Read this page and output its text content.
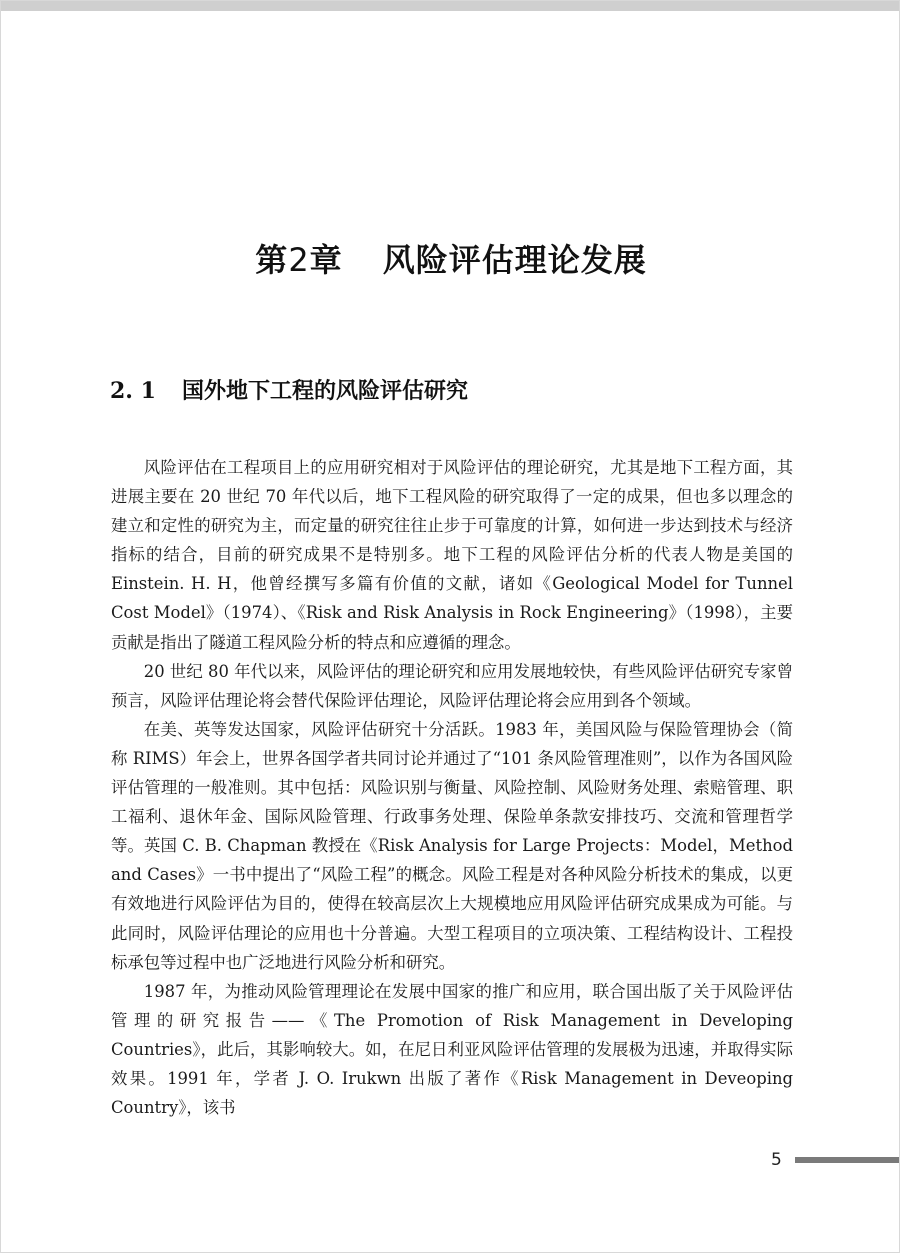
第2章 风险评估理论发展
2. 1 国外地下工程的风险评估研究

风险评估在工程项目上的应用研究相对于风险评估的理论研究，尤其是地下工程方面，其进展主要在 20 世纪 70 年代以后，地下工程风险的研究取得了一定的成果，但也多以理念的建立和定性的研究为主，而定量的研究往往止步于可靠度的计算，如何进一步达到技术与经济指标的结合，目前的研究成果不是特别多。地下工程的风险评估分析的代表人物是美国的 Einstein. H. H，他曾经撰写多篇有价值的文献，诸如《Geological Model for Tunnel Cost Model》（1974）、《Risk and Risk Analysis in Rock Engineering》（1998），主要贡献是指出了隧道工程风险分析的特点和应遵循的理念。

20 世纪 80 年代以来，风险评估的理论研究和应用发展地较快，有些风险评估研究专家曾预言，风险评估理论将会替代保险评估理论，风险评估理论将会应用到各个领域。

在美、英等发达国家，风险评估研究十分活跃。1983 年，美国风险与保险管理协会（简称 RIMS）年会上，世界各国学者共同讨论并通过了“101 条风险管理准则”，以作为各国风险评估管理的一般准则。其中包括：风险识别与衡量、风险控制、风险财务处理、索赔管理、职工福利、退休年金、国际风险管理、行政事务处理、保险单条款安排技巧、交流和管理哲学等。英国 C. B. Chapman 教授在《Risk Analysis for Large Projects：Model，Method and Cases》一书中提出了“风险工程”的概念。风险工程是对各种风险分析技术的集成，以更有效地进行风险评估为目的，使得在较高层次上大规模地应用风险评估研究成果成为可能。与此同时，风险评估理论的应用也十分普遍。大型工程项目的立项决策、工程结构设计、工程投标承包等过程中也广泛地进行风险分析和研究。

1987 年，为推动风险管理理论在发展中国家的推广和应用，联合国出版了关于风险评估管理的研究报告——《The Promotion of Risk Management in Developing Countries》，此后，其影响较大。如，在尼日利亚风险评估管理的发展极为迅速，并取得实际效果。1991 年，学者 J. O. Irukwn 出版了著作《Risk Management in Deveoping Country》，该书

5
